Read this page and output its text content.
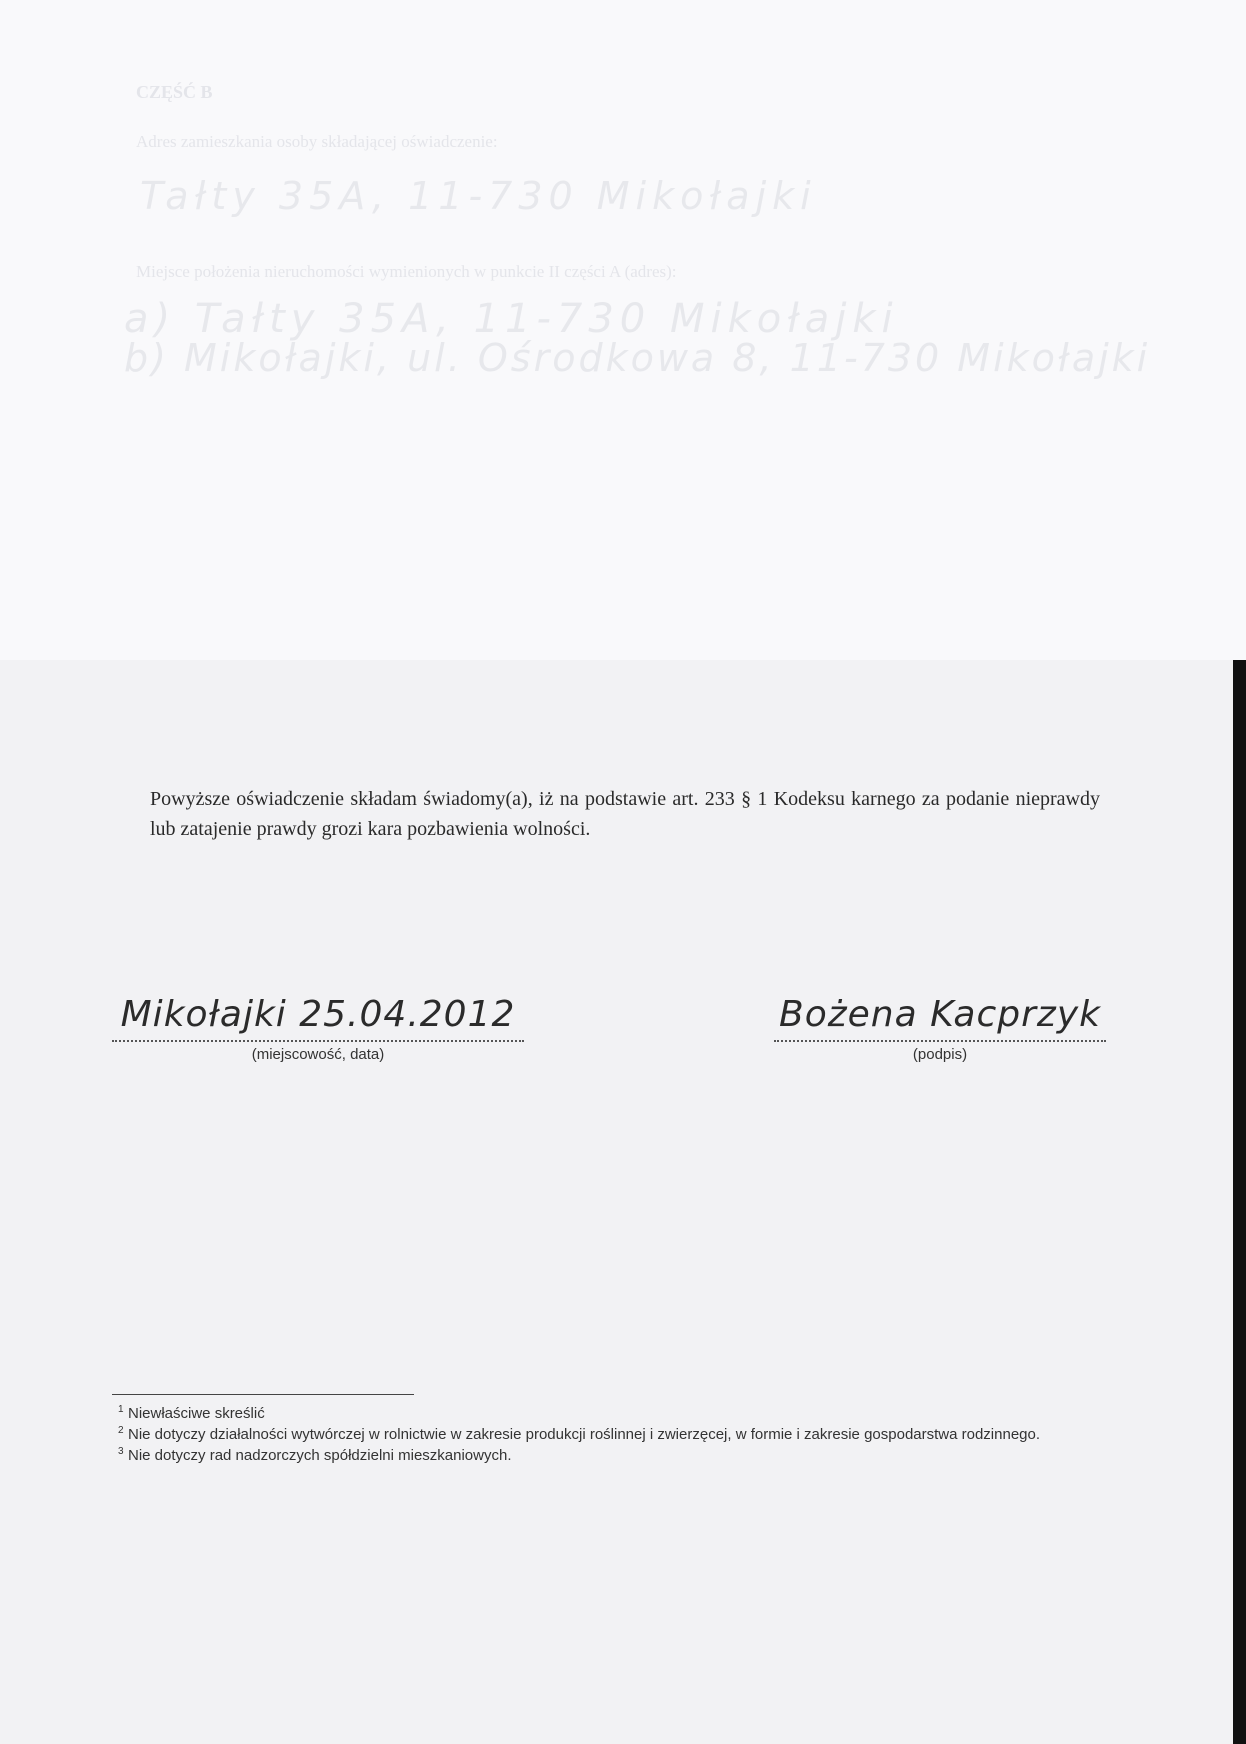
CZĘŚĆ B

Adres zamieszkania osoby składającej oświadczenie:

Tałty 35A, 11-730 Mikołajki

Miejsce położenia nieruchomości wymienionych w punkcie II części A (adres):

a) Tałty 35A, 11-730 Mikołajki

b) Mikołajki, ul. Ośrodkowa 8, 11-730 Mikołajki

Powyższe oświadczenie składam świadomy(a), iż na podstawie art. 233 § 1 Kodeksu karnego za podanie nieprawdy lub zatajenie prawdy grozi kara pozbawienia wolności.

Mikołajki 25.04.2012
(miejscowość, data)
Bożena Kacprzyk
(podpis)
1 Niewłaściwe skreślić
2 Nie dotyczy działalności wytwórczej w rolnictwie w zakresie produkcji roślinnej i zwierzęcej, w formie i zakresie gospodarstwa rodzinnego.
3 Nie dotyczy rad nadzorczych spółdzielni mieszkaniowych.
